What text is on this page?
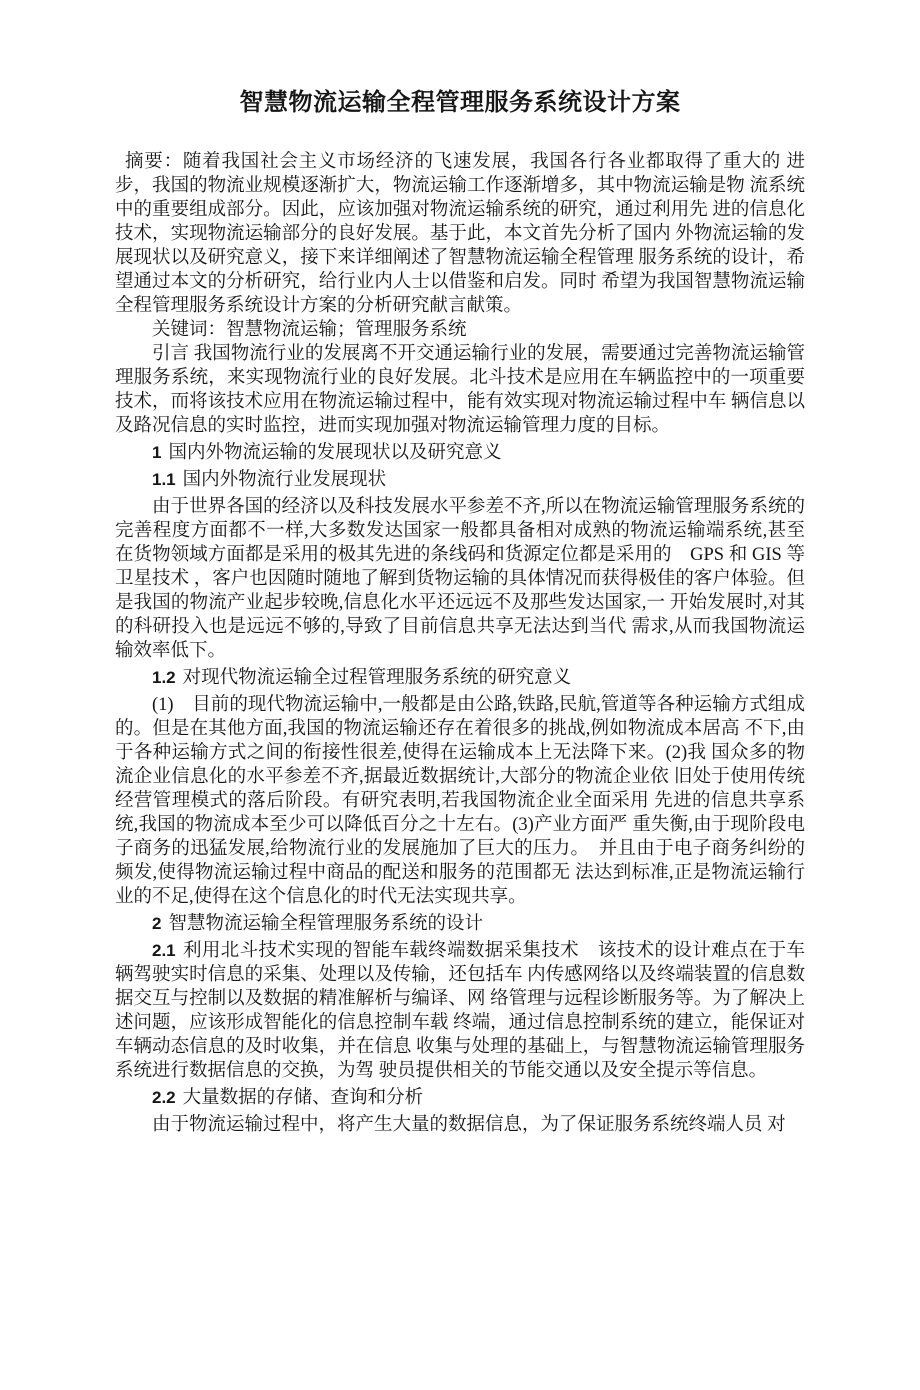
智慧物流运输全程管理服务系统设计方案

摘要：随着我国社会主义市场经济的飞速发展，我国各行各业都取得了重大的 进步，我国的物流业规模逐渐扩大，物流运输工作逐渐增多，其中物流运输是物 流系统中的重要组成部分。因此，应该加强对物流运输系统的研究，通过利用先 进的信息化技术，实现物流运输部分的良好发展。基于此，本文首先分析了国内 外物流运输的发展现状以及研究意义，接下来详细阐述了智慧物流运输全程管理 服务系统的设计，希望通过本文的分析研究，给行业内人士以借鉴和启发。同时 希望为我国智慧物流运输全程管理服务系统设计方案的分析研究献言献策。

关键词：智慧物流运输；管理服务系统

引言 我国物流行业的发展离不开交通运输行业的发展，需要通过完善物流运输管 理服务系统，来实现物流行业的良好发展。北斗技术是应用在车辆监控中的一项重要技术，而将该技术应用在物流运输过程中，能有效实现对物流运输过程中车 辆信息以及路况信息的实时监控，进而实现加强对物流运输管理力度的目标。

1 国内外物流运输的发展现状以及研究意义

1.1 国内外物流行业发展现状

由于世界各国的经济以及科技发展水平参差不齐,所以在物流运输管理服务系统的完善程度方面都不一样,大多数发达国家一般都具备相对成熟的物流运输端系统,甚至在货物领域方面都是采用的极其先进的条线码和货源定位都是采用的　GPS 和 GIS 等卫星技术 ，客户也因随时随地了解到货物运输的具体情况而获得极佳的客户体验。但是我国的物流产业起步较晚,信息化水平还远远不及那些发达国家,一 开始发展时,对其的科研投入也是远远不够的,导致了目前信息共享无法达到当代 需求,从而我国物流运输效率低下。

1.2 对现代物流运输全过程管理服务系统的研究意义

(1)　目前的现代物流运输中,一般都是由公路,铁路,民航,管道等各种运输方式组成的。但是在其他方面,我国的物流运输还存在着很多的挑战,例如物流成本居高 不下,由于各种运输方式之间的衔接性很差,使得在运输成本上无法降下来。(2)我 国众多的物流企业信息化的水平参差不齐,据最近数据统计,大部分的物流企业依 旧处于使用传统经营管理模式的落后阶段。有研究表明,若我国物流企业全面采用 先进的信息共享系统,我国的物流成本至少可以降低百分之十左右。(3)产业方面严 重失衡,由于现阶段电子商务的迅猛发展,给物流行业的发展施加了巨大的压力。　并且由于电子商务纠纷的频发,使得物流运输过程中商品的配送和服务的范围都无 法达到标准,正是物流运输行业的不足,使得在这个信息化的时代无法实现共享。

2 智慧物流运输全程管理服务系统的设计

2.1 利用北斗技术实现的智能车载终端数据采集技术　该技术的设计难点在于车辆驾驶实时信息的采集、处理以及传输，还包括车 内传感网络以及终端装置的信息数据交互与控制以及数据的精准解析与编译、网 络管理与远程诊断服务等。为了解决上述问题，应该形成智能化的信息控制车载 终端，通过信息控制系统的建立，能保证对车辆动态信息的及时收集，并在信息 收集与处理的基础上，与智慧物流运输管理服务系统进行数据信息的交换，为驾 驶员提供相关的节能交通以及安全提示等信息。

2.2 大量数据的存储、查询和分析

由于物流运输过程中，将产生大量的数据信息，为了保证服务系统终端人员 对
